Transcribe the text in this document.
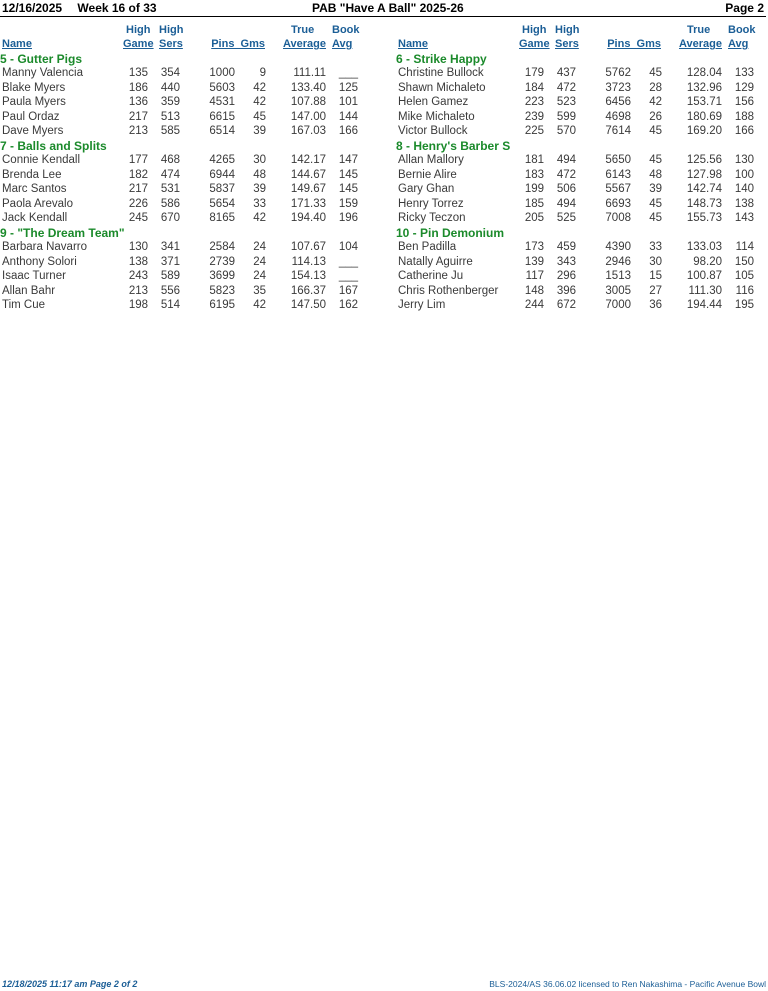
12/16/2025 Week 16 of 33	PAB "Have A Ball" 2025-26	Page 2
Name
High
Game
High
Sers	Pins  Gms
True
Average
Book
Avg
5 - Gutter Pigs
Manny Valencia	135 354	1000 9 111.11 ___
Blake Myers	186 440	5603 42 133.40 125
Paula Myers	136 359	4531 42 107.88 101
Paul Ordaz	217 513	6615 45 147.00 144
Dave Myers	213 585	6514 39 167.03 166
7 - Balls and Splits
Connie Kendall	177 468	4265 30 142.17 147
Brenda Lee	182 474	6944 48 144.67 145
Marc Santos	217 531	5837 39 149.67 145
Paola Arevalo	226 586	5654 33 171.33 159
Jack Kendall	245 670	8165 42 194.40 196
9 - "The Dream Team"
Barbara Navarro	130 341	2584 24 107.67 104
Anthony Solori	138 371	2739 24 114.13 ___
Isaac Turner	243 589	3699 24 154.13 ___
Allan Bahr	213 556	5823 35 166.37 167
Tim Cue	198 514	6195 42 147.50 162
Name
High
Game
High
Sers	Pins  Gms
True
Average
Book
Avg
6 - Strike Happy
Christine Bullock	179 437	5762 45 128.04 133
Shawn Michaleto	184 472	3723 28 132.96 129
Helen Gamez	223 523	6456 42 153.71 156
Mike Michaleto	239 599	4698 26 180.69 188
Victor Bullock	225 570	7614 45 169.20 166
8 - Henry's Barber S
Allan Mallory	181 494	5650 45 125.56 130
Bernie Alire	183 472	6143 48 127.98 100
Gary Ghan	199 506	5567 39 142.74 140
Henry Torrez	185 494	6693 45 148.73 138
Ricky Teczon	205 525	7008 45 155.73 143
10 - Pin Demonium
Ben Padilla	173 459	4390 33 133.03 114
Natally Aguirre	139 343	2946 30	98.20 150
Catherine Ju	117 296	1513 15 100.87 105
Chris Rothenberger 148 396	3005 27 111.30 116
Jerry Lim	244 672	7000 36 194.44 195
12/18/2025 11:17 am Page 2 of 2	BLS-2024/AS 36.06.02 licensed to Ren Nakashima - Pacific Avenue Bowl
